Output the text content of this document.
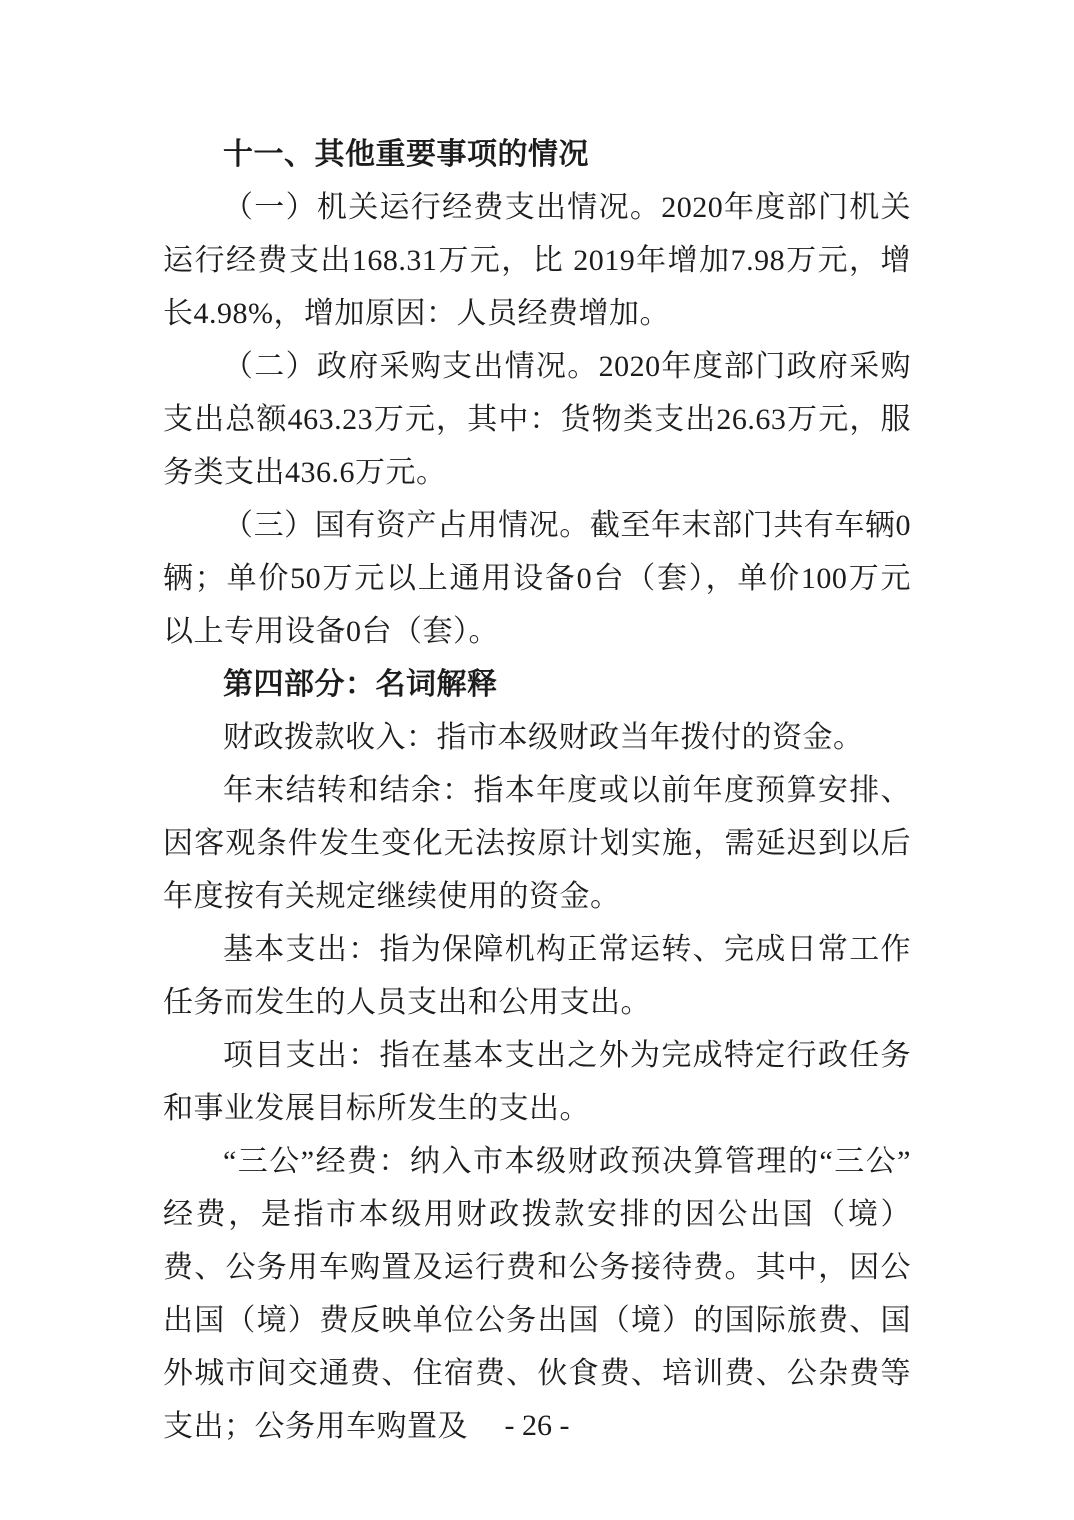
十一、其他重要事项的情况

（一）机关运行经费支出情况。2020年度部门机关运行经费支出168.31万元，比 2019年增加7.98万元，增长4.98%，增加原因：人员经费增加。

（二）政府采购支出情况。2020年度部门政府采购支出总额463.23万元，其中：货物类支出26.63万元，服务类支出436.6万元。

（三）国有资产占用情况。截至年末部门共有车辆0辆；单价50万元以上通用设备0台（套），单价100万元以上专用设备0台（套）。

第四部分：名词解释

财政拨款收入：指市本级财政当年拨付的资金。

年末结转和结余：指本年度或以前年度预算安排、因客观条件发生变化无法按原计划实施，需延迟到以后年度按有关规定继续使用的资金。

基本支出：指为保障机构正常运转、完成日常工作任务而发生的人员支出和公用支出。

项目支出：指在基本支出之外为完成特定行政任务和事业发展目标所发生的支出。

“三公”经费：纳入市本级财政预决算管理的“三公”经费，是指市本级用财政拨款安排的因公出国（境）费、公务用车购置及运行费和公务接待费。其中，因公出国（境）费反映单位公务出国（境）的国际旅费、国外城市间交通费、住宿费、伙食费、培训费、公杂费等支出；公务用车购置及	- 26 -
